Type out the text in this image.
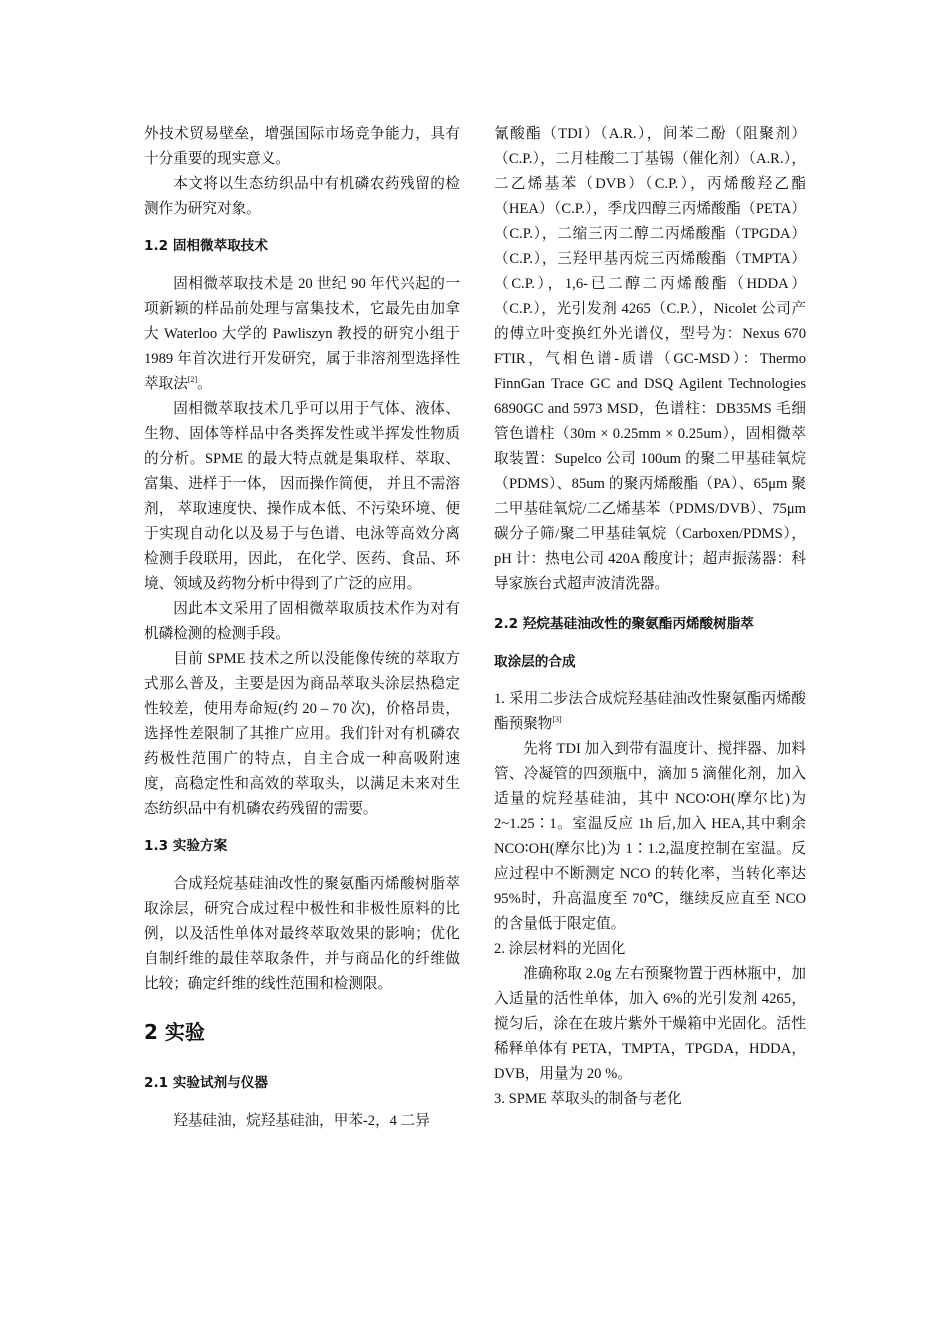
外技术贸易壁垒，增强国际市场竞争能力，具有十分重要的现实意义。

本文将以生态纺织品中有机磷农药残留的检测作为研究对象。

1.2 固相微萃取技术

固相微萃取技术是 20 世纪 90 年代兴起的一项新颖的样品前处理与富集技术，它最先由加拿大 Waterloo 大学的 Pawliszyn 教授的研究小组于 1989 年首次进行开发研究，属于非溶剂型选择性萃取法[2]。

固相微萃取技术几乎可以用于气体、液体、生物、固体等样品中各类挥发性或半挥发性物质的分析。SPME 的最大特点就是集取样、萃取、富集、进样于一体， 因而操作简便， 并且不需溶剂， 萃取速度快、操作成本低、不污染环境、便于实现自动化以及易于与色谱、电泳等高效分离检测手段联用，因此， 在化学、医药、食品、环境、领域及药物分析中得到了广泛的应用。

因此本文采用了固相微萃取质技术作为对有机磷检测的检测手段。

目前 SPME 技术之所以没能像传统的萃取方式那么普及，主要是因为商品萃取头涂层热稳定性较差，使用寿命短(约 20 – 70 次)，价格昂贵，选择性差限制了其推广应用。我们针对有机磷农药极性范围广的特点，自主合成一种高吸附速度，高稳定性和高效的萃取头，以满足未来对生态纺织品中有机磷农药残留的需要。

1.3 实验方案

合成羟烷基硅油改性的聚氨酯丙烯酸树脂萃取涂层，研究合成过程中极性和非极性原料的比例，以及活性单体对最终萃取效果的影响；优化自制纤维的最佳萃取条件，并与商品化的纤维做比较；确定纤维的线性范围和检测限。

2 实验
2.1 实验试剂与仪器

羟基硅油，烷羟基硅油，甲苯-2，4 二异

氰酸酯（TDI）（A.R.），间苯二酚（阻聚剂）（C.P.），二月桂酸二丁基锡（催化剂）（A.R.），二乙烯基苯（DVB）（C.P.），丙烯酸羟乙酯（HEA）（C.P.），季戊四醇三丙烯酸酯（PETA）（C.P.），二缩三丙二醇二丙烯酸酯（TPGDA）（C.P.），三羟甲基丙烷三丙烯酸酯（TMPTA）（C.P.），1,6-已二醇二丙烯酸酯（HDDA）（C.P.），光引发剂 4265（C.P.），Nicolet 公司产的傅立叶变换红外光谱仪，型号为：Nexus 670 FTIR，气相色谱-质谱（GC-MSD）：Thermo FinnGan Trace GC and DSQ Agilent Technologies 6890GC and 5973 MSD，色谱柱：DB35MS 毛细管色谱柱（30m × 0.25mm × 0.25um），固相微萃取装置：Supelco 公司 100um 的聚二甲基硅氧烷（PDMS）、85um 的聚丙烯酸酯（PA）、65μm 聚二甲基硅氧烷/二乙烯基苯（PDMS/DVB）、75μm 碳分子筛/聚二甲基硅氧烷（Carboxen/PDMS），pH 计：热电公司 420A 酸度计；超声振荡器：科导家族台式超声波清洗器。

2.2 羟烷基硅油改性的聚氨酯丙烯酸树脂萃
取涂层的合成

1. 采用二步法合成烷羟基硅油改性聚氨酯丙烯酸酯预聚物[3]

先将 TDI 加入到带有温度计、搅拌器、加料管、冷凝管的四颈瓶中，滴加 5 滴催化剂，加入适量的烷羟基硅油，其中 NCO∶OH(摩尔比)为 2~1.25∶1。室温反应 1h 后,加入 HEA,其中剩余 NCO∶OH(摩尔比)为 1∶1.2,温度控制在室温。反应过程中不断测定 NCO 的转化率，当转化率达 95%时，升高温度至 70℃，继续反应直至 NCO 的含量低于限定值。

2. 涂层材料的光固化

准确称取 2.0g 左右预聚物置于西林瓶中，加入适量的活性单体，加入 6%的光引发剂 4265，搅匀后，涂在在玻片紫外干燥箱中光固化。活性稀释单体有 PETA，TMPTA，TPGDA，HDDA，DVB，用量为 20 %。

3. SPME 萃取头的制备与老化
